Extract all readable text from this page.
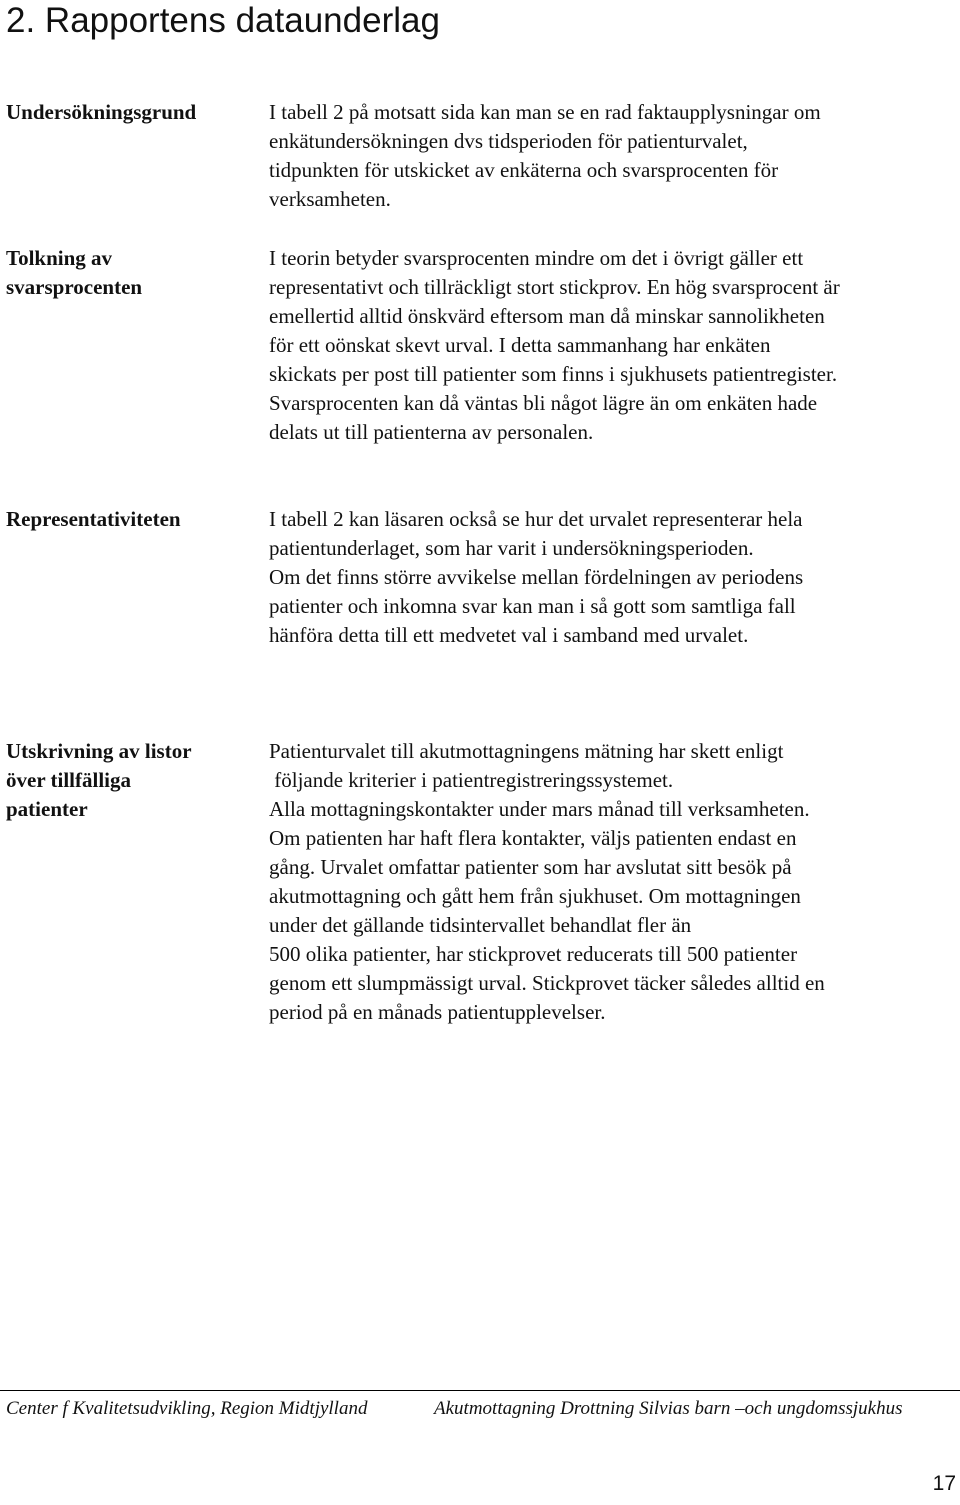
2. Rapportens dataunderlag
Undersökningsgrund	I tabell 2 på motsatt sida kan man se en rad faktaupplysningar om
enkätundersökningen dvs tidsperioden för patienturvalet,
tidpunkten för utskicket av enkäterna och svarsprocenten för
verksamheten.
Tolkning av
svarsprocenten
I teorin betyder svarsprocenten mindre om det i övrigt gäller ett
representativt och tillräckligt stort stickprov. En hög svarsprocent är
emellertid alltid önskvärd eftersom man då minskar sannolikheten
för ett oönskat skevt urval. I detta sammanhang har enkäten
skickats per post till patienter som finns i sjukhusets patientregister.
Svarsprocenten kan då väntas bli något lägre än om enkäten hade
delats ut till patienterna av personalen.
Representativiteten	I tabell 2 kan läsaren också se hur det urvalet representerar hela
patientunderlaget, som har varit i undersökningsperioden.
Om det finns större avvikelse mellan fördelningen av periodens
patienter och inkomna svar kan man i så gott som samtliga fall
hänföra detta till ett medvetet val i samband med urvalet.
Utskrivning av listor
över tillfälliga
patienter
Patienturvalet till akutmottagningens mätning har skett enligt
följande kriterier i patientregistreringssystemet.
Alla mottagningskontakter under mars månad till verksamheten.
Om patienten har haft flera kontakter, väljs patienten endast en
gång. Urvalet omfattar patienter som har avslutat sitt besök på
akutmottagning och gått hem från sjukhuset. Om mottagningen
under det gällande tidsintervallet behandlat fler än
500 olika patienter, har stickprovet reducerats till 500 patienter
genom ett slumpmässigt urval. Stickprovet täcker således alltid en
period på en månads patientupplevelser.
Center f Kvalitetsudvikling, Region Midtjylland	Akutmottagning Drottning Silvias barn –och ungdomssjukhus
17
